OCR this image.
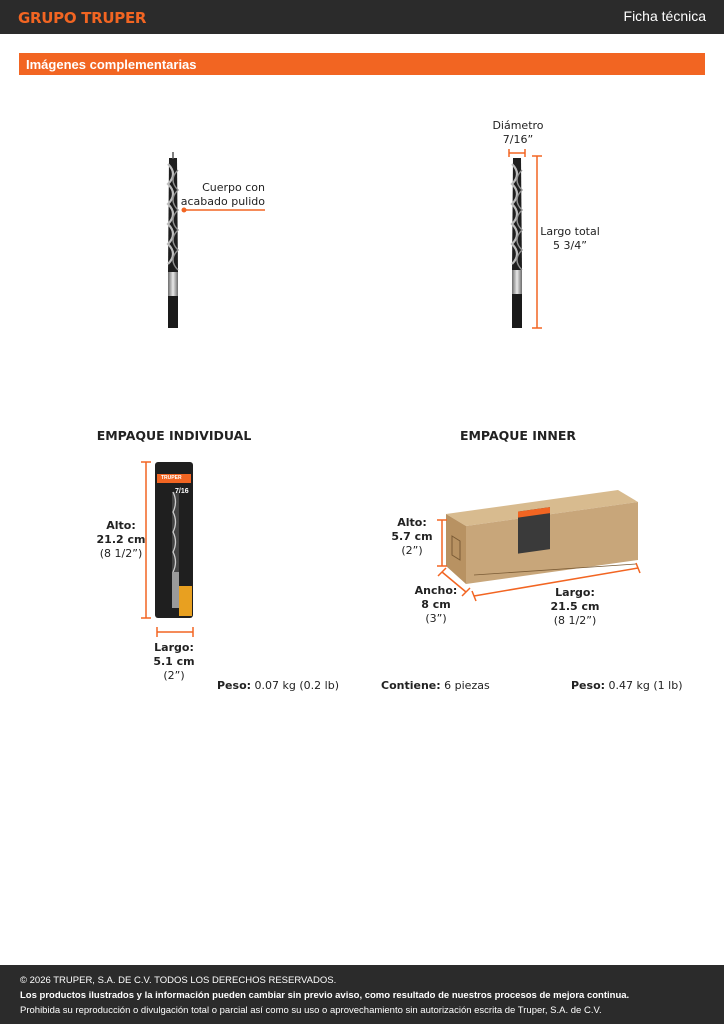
GRUPO TRUPER	Ficha técnica
Imágenes complementarias
Cuerpo con
acabado pulido
Diámetro
7/16”
Largo total
5 3/4”
EMPAQUE INDIVIDUAL
TRUPER
7/16
Alto:
21.2 cm
(8 1/2”)
Largo:
5.1 cm
(2”)
Peso: 0.07 kg (0.2 lb)
EMPAQUE INNER
Alto:
5.7 cm
(2”)
Ancho:
8 cm
(3”)
Largo:
21.5 cm
(8 1/2”)
Contiene: 6 piezas	Peso: 0.47 kg (1 lb)
© 2026 TRUPER, S.A. DE C.V. TODOS LOS DERECHOS RESERVADOS.
Los productos ilustrados y la información pueden cambiar sin previo aviso, como resultado de nuestros procesos de mejora continua.
Prohibida su reproducción o divulgación total o parcial así como su uso o aprovechamiento sin autorización escrita de Truper, S.A. de C.V.
